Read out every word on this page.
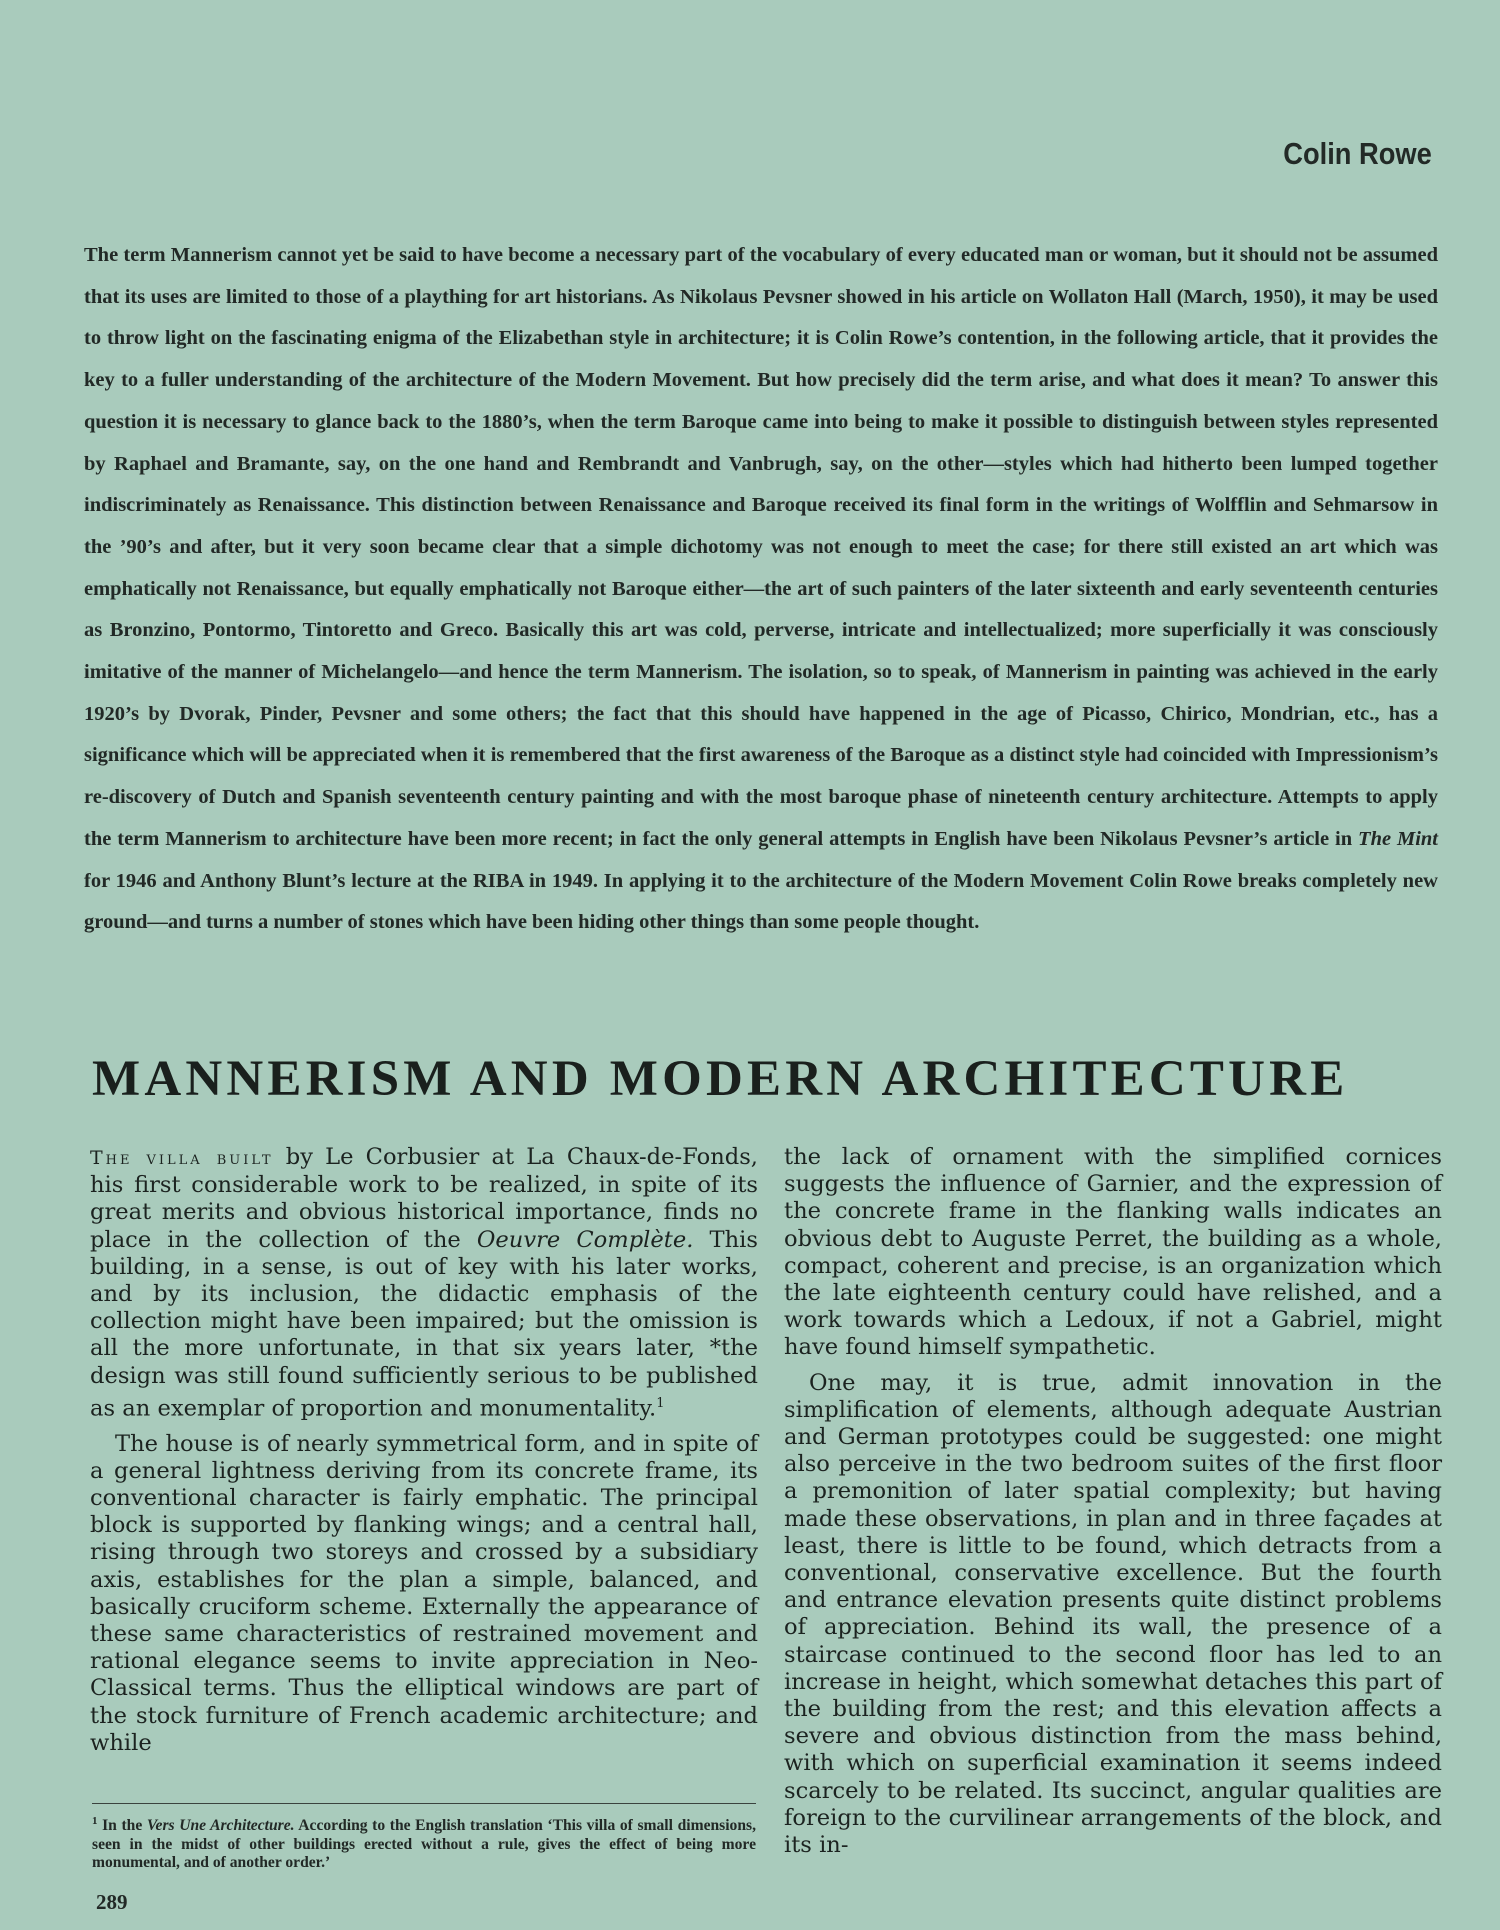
Colin Rowe

The term Mannerism cannot yet be said to have become a necessary part of the vocabulary of every educated man or woman, but it should not be assumed that its uses are limited to those of a plaything for art historians. As Nikolaus Pevsner showed in his article on Wollaton Hall (March, 1950), it may be used to throw light on the fascinating enigma of the Elizabethan style in architecture; it is Colin Rowe’s contention, in the following article, that it provides the key to a fuller understanding of the architecture of the Modern Movement. But how precisely did the term arise, and what does it mean? To answer this question it is necessary to glance back to the 1880’s, when the term Baroque came into being to make it possible to distinguish between styles represented by Raphael and Bramante, say, on the one hand and Rembrandt and Vanbrugh, say, on the other—styles which had hitherto been lumped together indiscriminately as Renaissance. This distinction between Renaissance and Baroque received its final form in the writings of Wolfflin and Sehmarsow in the ’90’s and after, but it very soon became clear that a simple dichotomy was not enough to meet the case; for there still existed an art which was emphatically not Renaissance, but equally emphatically not Baroque either—the art of such painters of the later sixteenth and early seventeenth centuries as Bronzino, Pontormo, Tintoretto and Greco. Basically this art was cold, perverse, intricate and intellectualized; more superficially it was consciously imitative of the manner of Michelangelo—and hence the term Mannerism. The isolation, so to speak, of Mannerism in painting was achieved in the early 1920’s by Dvorak, Pinder, Pevsner and some others; the fact that this should have happened in the age of Picasso, Chirico, Mondrian, etc., has a significance which will be appreciated when it is remembered that the first awareness of the Baroque as a distinct style had coincided with Impressionism’s re-discovery of Dutch and Spanish seventeenth century painting and with the most baroque phase of nineteenth century architecture. Attempts to apply the term Mannerism to architecture have been more recent; in fact the only general attempts in English have been Nikolaus Pevsner’s article in The Mint for 1946 and Anthony Blunt’s lecture at the RIBA in 1949. In applying it to the architecture of the Modern Movement Colin Rowe breaks completely new ground—and turns a number of stones which have been hiding other things than some people thought.

MANNERISM AND MODERN ARCHITECTURE

The villa built by Le Corbusier at La Chaux-de-Fonds, his first considerable work to be realized, in spite of its great merits and obvious historical importance, finds no place in the collection of the Oeuvre Complète. This building, in a sense, is out of key with his later works, and by its inclusion, the didactic emphasis of the collection might have been impaired; but the omission is all the more unfortunate, in that six years later, *the design was still found sufficiently serious to be published as an exemplar of proportion and monumentality.$^1$

The house is of nearly symmetrical form, and in spite of a general lightness deriving from its concrete frame, its conventional character is fairly emphatic. The principal block is supported by flanking wings; and a central hall, rising through two storeys and crossed by a subsidiary axis, establishes for the plan a simple, balanced, and basically cruciform scheme. Externally the appearance of these same characteristics of restrained movement and rational elegance seems to invite appreciation in Neo-Classical terms. Thus the elliptical windows are part of the stock furniture of French academic architecture; and while

the lack of ornament with the simplified cornices suggests the influence of Garnier, and the expression of the concrete frame in the flanking walls indicates an obvious debt to Auguste Perret, the building as a whole, compact, coherent and precise, is an organization which the late eighteenth century could have relished, and a work towards which a Ledoux, if not a Gabriel, might have found himself sympathetic.

One may, it is true, admit innovation in the simplification of elements, although adequate Austrian and German prototypes could be suggested: one might also perceive in the two bedroom suites of the first floor a premonition of later spatial complexity; but having made these observations, in plan and in three façades at least, there is little to be found, which detracts from a conventional, conservative excellence. But the fourth and entrance elevation presents quite distinct problems of appreciation. Behind its wall, the presence of a staircase continued to the second floor has led to an increase in height, which somewhat detaches this part of the building from the rest; and this elevation affects a severe and obvious distinction from the mass behind, with which on superficial examination it seems indeed scarcely to be related. Its succinct, angular qualities are foreign to the curvilinear arrangements of the block, and its in-

$^1$ In the Vers Une Architecture. According to the English translation ‘This villa of small dimensions, seen in the midst of other buildings erected without a rule, gives the effect of being more monumental, and of another order.’

289
